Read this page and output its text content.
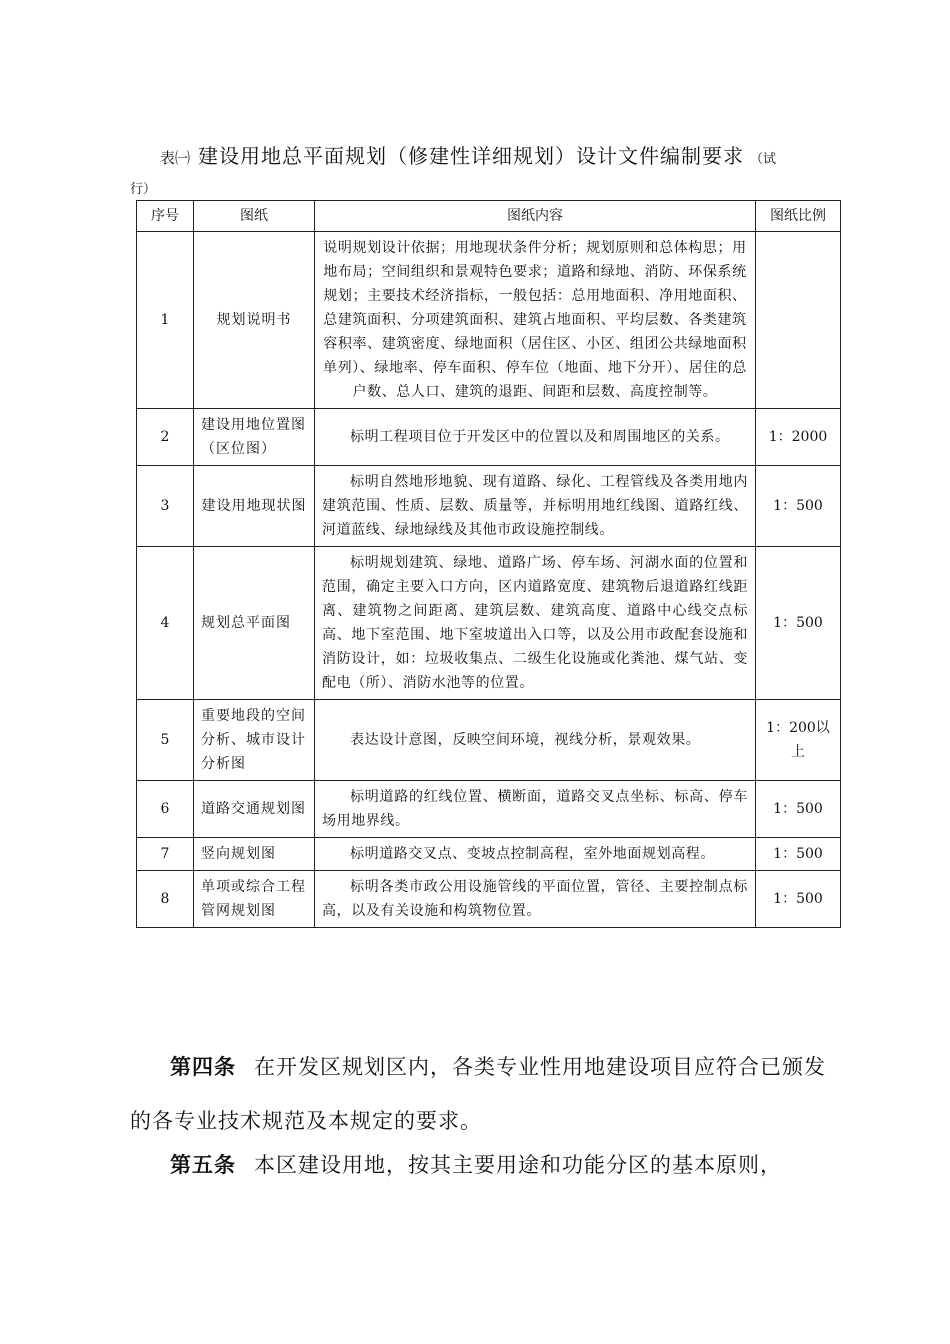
表㈠ 建设用地总平面规划（修建性详细规划）设计文件编制要求 （试
行）
序号	图纸	图纸内容	图纸比例
1	规划说明书	说明规划设计依据；用地现状条件分析；规划原则和总体构思；用地布局；空间组织和景观特色要求；道路和绿地、消防、环保系统规划；主要技术经济指标，一般包括：总用地面积、净用地面积、总建筑面积、分项建筑面积、建筑占地面积、平均层数、各类建筑容积率、建筑密度、绿地面积（居住区、小区、组团公共绿地面积单列）、绿地率、停车面积、停车位（地面、地下分开）、居住的总户数、总人口、建筑的退距、间距和层数、高度控制等。	
2	建设用地位置图（区位图）	标明工程项目位于开发区中的位置以及和周围地区的关系。	1：2000
3	建设用地现状图	标明自然地形地貌、现有道路、绿化、工程管线及各类用地内建筑范围、性质、层数、质量等，并标明用地红线图、道路红线、河道蓝线、绿地绿线及其他市政设施控制线。	1：500
4	规划总平面图	标明规划建筑、绿地、道路广场、停车场、河湖水面的位置和范围，确定主要入口方向，区内道路宽度、建筑物后退道路红线距离、建筑物之间距离、建筑层数、建筑高度、道路中心线交点标高、地下室范围、地下室坡道出入口等，以及公用市政配套设施和消防设计，如：垃圾收集点、二级生化设施或化粪池、煤气站、变配电（所）、消防水池等的位置。	1：500
5	重要地段的空间分析、城市设计分析图	表达设计意图，反映空间环境，视线分析，景观效果。	1：200以上
6	道路交通规划图	标明道路的红线位置、横断面，道路交叉点坐标、标高、停车场用地界线。	1：500
7	竖向规划图	标明道路交叉点、变坡点控制高程，室外地面规划高程。	1：500
8	单项或综合工程管网规划图	标明各类市政公用设施管线的平面位置，管径、主要控制点标高，以及有关设施和构筑物位置。	1：500
第四条 在开发区规划区内，各类专业性用地建设项目应符合已颁发的各专业技术规范及本规定的要求。
第五条 本区建设用地，按其主要用途和功能分区的基本原则，
